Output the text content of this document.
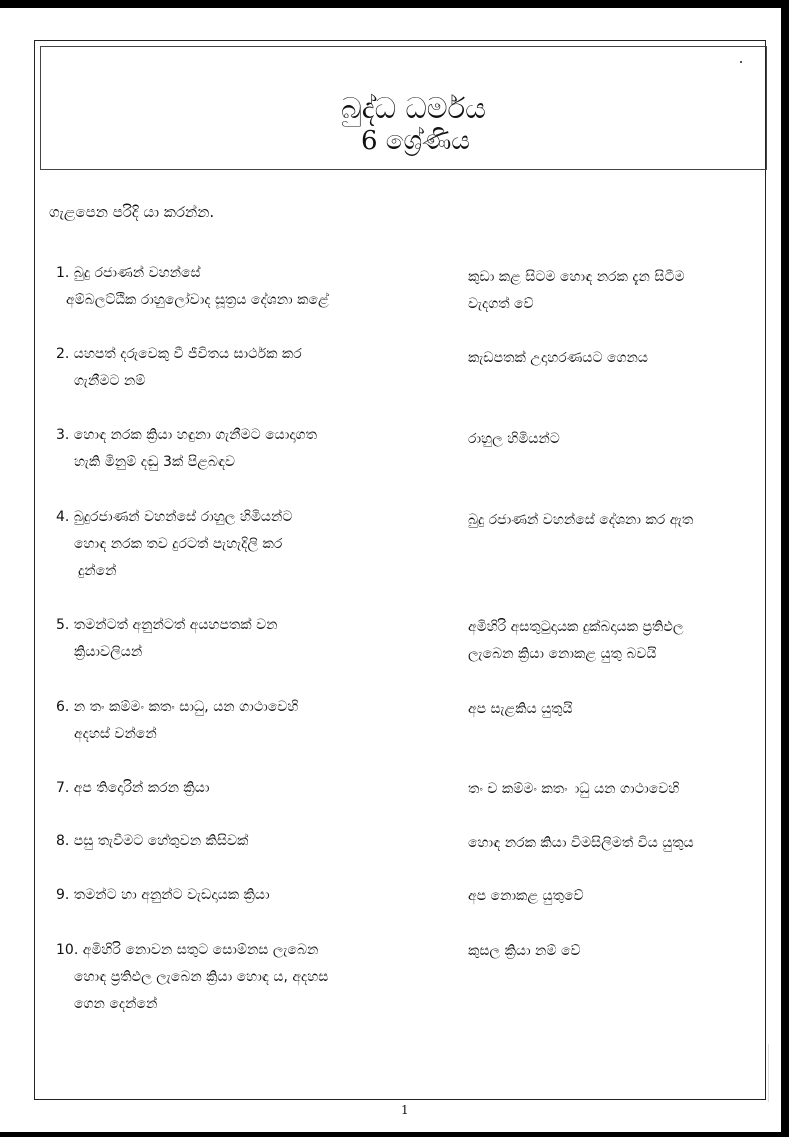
බුද්ධ ධර්මය
6 ශ්‍රේණිය
ගැළපෙන පරිදි යා කරන්න.
1. බුදු රජාණන් වහන්සේ
අම්බලට්ඨික රාහුලෝවාද සූත්‍රය දේශනා කළේ
2. යහපත් දරුවෙකු වී ජීවිතය සාර්ථක කර
ගැනීමට නම්
3. හොඳ නරක ක්‍රියා හඳුනා ගැනීමට යොදාගත
හැකි මිනුම් දඬු 3ක් පිළබඳව
4. බුදුරජාණන් වහන්සේ රාහුල හිමියන්ට
හොඳ නරක තව දුරටත් පැහැදිලි කර
දුන්නේ
5. තමන්ටත් අනුන්ටත් අයහපතක් වන
ක්‍රියාවලියන්
6. න තං කම්මං කතං සාධු, යන ගාථාවෙහි
අදහස් වන්නේ
7. අප තිදොරින් කරන ක්‍රියා
8. පසු තැවීමට හේතුවන කිසිවක්
9. තමන්ට හා අනුන්ට වැඩදායක ක්‍රියා
10. අමිහිරි නොවන සතුට සොම්නස ලැබෙන
හොඳ ප්‍රතිඵල ලැබෙන ක්‍රියා හොඳ ය, අදහස
ගෙන දෙන්නේ
කුඩා කළ සිටම හොඳ නරක දැන සිටීම
වැදගත් වේ
කැඩපතක් උදාහරණයට ගෙනය
රාහුල හිමියන්ට
බුදු රජාණන් වහන්සේ දේශනා කර ඇත
අමිහිරි අසතුටුදායක දුක්බදායක ප්‍රතිඵල
ලැබෙන ක්‍රියා නොකළ යුතු බවයි
අප සැළකිය යුතුයි
තං ච කම්මං කතං ාධු යන ගාථාවෙහි
හොඳ නරක කියා විමසිලිමත් විය යුතුය
අප නොකළ යුතුවේ
කුසල ක්‍රියා නම් වේ
1
